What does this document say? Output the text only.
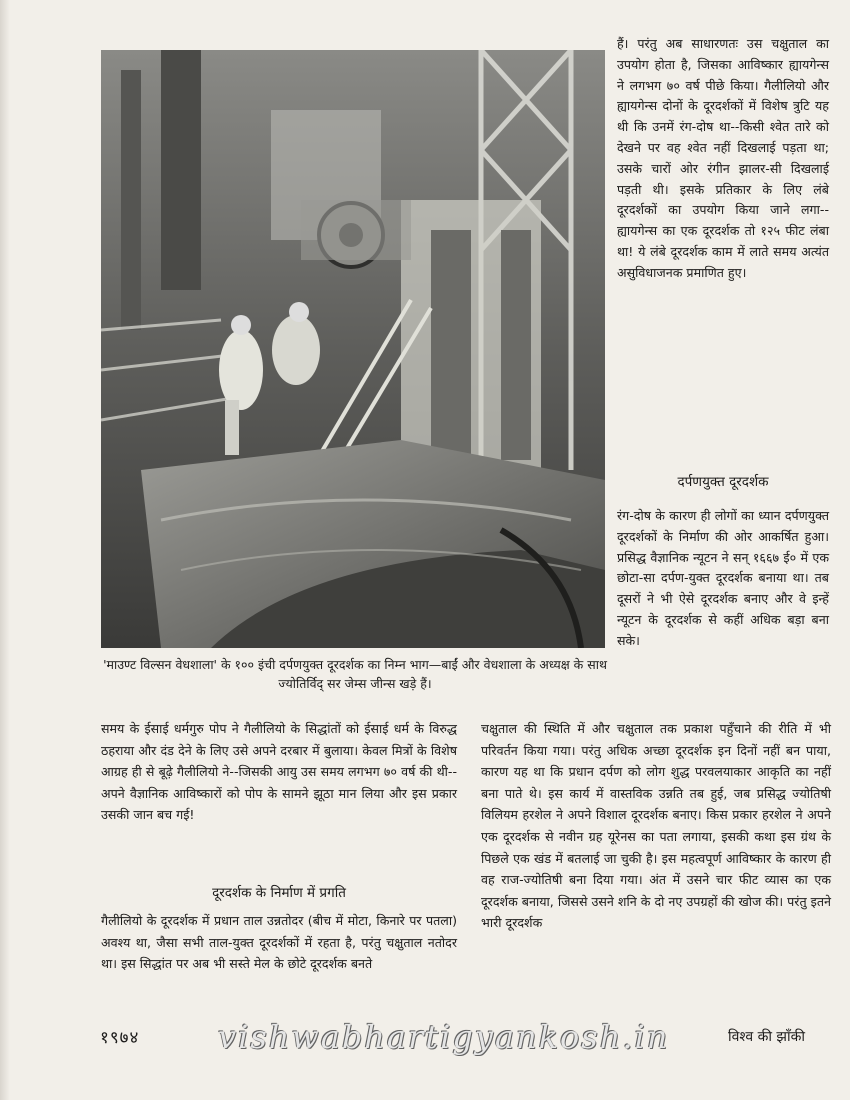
'माउण्ट विल्सन वेधशाला' के १०० इंची दर्पणयुक्त दूरदर्शक का निम्न भाग—बाईं और वेधशाला के अध्यक्ष के साथ ज्योतिर्विद् सर जेम्स जीन्स खड़े हैं।

हैं। परंतु अब साधारणतः उस चक्षुताल का उपयोग होता है, जिसका आविष्कार ह्यायगेन्स ने लगभग ७० वर्ष पीछे किया। गैलीलियो और ह्यायगेन्स दोनों के दूरदर्शकों में विशेष त्रुटि यह थी कि उनमें रंग-दोष था--किसी श्वेत तारे को देखने पर वह श्वेत नहीं दिखलाई पड़ता था; उसके चारों ओर रंगीन झालर-सी दिखलाई पड़ती थी। इसके प्रतिकार के लिए लंबे दूरदर्शकों का उपयोग किया जाने लगा--ह्यायगेन्स का एक दूरदर्शक तो १२५ फीट लंबा था! ये लंबे दूरदर्शक काम में लाते समय अत्यंत असुविधाजनक प्रमाणित हुए।

दर्पणयुक्त दूरदर्शक

रंग-दोष के कारण ही लोगों का ध्यान दर्पणयुक्त दूरदर्शकों के निर्माण की ओर आकर्षित हुआ। प्रसिद्ध वैज्ञानिक न्यूटन ने सन् १६६७ ई० में एक छोटा-सा दर्पण-युक्त दूरदर्शक बनाया था। तब दूसरों ने भी ऐसे दूरदर्शक बनाए और वे इन्हें न्यूटन के दूरदर्शक से कहीं अधिक बड़ा बना सके।

समय के ईसाई धर्मगुरु पोप ने गैलीलियो के सिद्धांतों को ईसाई धर्म के विरुद्ध ठहराया और दंड देने के लिए उसे अपने दरबार में बुलाया। केवल मित्रों के विशेष आग्रह ही से बूढ़े गैलीलियो ने--जिसकी आयु उस समय लगभग ७० वर्ष की थी--अपने वैज्ञानिक आविष्कारों को पोप के सामने झूठा मान लिया और इस प्रकार उसकी जान बच गई!

दूरदर्शक के निर्माण में प्रगति

गैलीलियो के दूरदर्शक में प्रधान ताल उन्नतोदर (बीच में मोटा, किनारे पर पतला) अवश्य था, जैसा सभी ताल-युक्त दूरदर्शकों में रहता है, परंतु चक्षुताल नतोदर था। इस सिद्धांत पर अब भी सस्ते मेल के छोटे दूरदर्शक बनते

चक्षुताल की स्थिति में और चक्षुताल तक प्रकाश पहुँचाने की रीति में भी परिवर्तन किया गया। परंतु अधिक अच्छा दूरदर्शक इन दिनों नहीं बन पाया, कारण यह था कि प्रधान दर्पण को लोग शुद्ध परवलयाकार आकृति का नहीं बना पाते थे। इस कार्य में वास्तविक उन्नति तब हुई, जब प्रसिद्ध ज्योतिषी विलियम हरशेल ने अपने विशाल दूरदर्शक बनाए। किस प्रकार हरशेल ने अपने एक दूरदर्शक से नवीन ग्रह यूरेनस का पता लगाया, इसकी कथा इस ग्रंथ के पिछले एक खंड में बतलाई जा चुकी है। इस महत्वपूर्ण आविष्कार के कारण ही वह राज-ज्योतिषी बना दिया गया। अंत में उसने चार फीट व्यास का एक दूरदर्शक बनाया, जिससे उसने शनि के दो नए उपग्रहों की खोज की। परंतु इतने भारी दूरदर्शक

१९७४ vishwabhartigyankosh.in	विश्व की झाँकी
